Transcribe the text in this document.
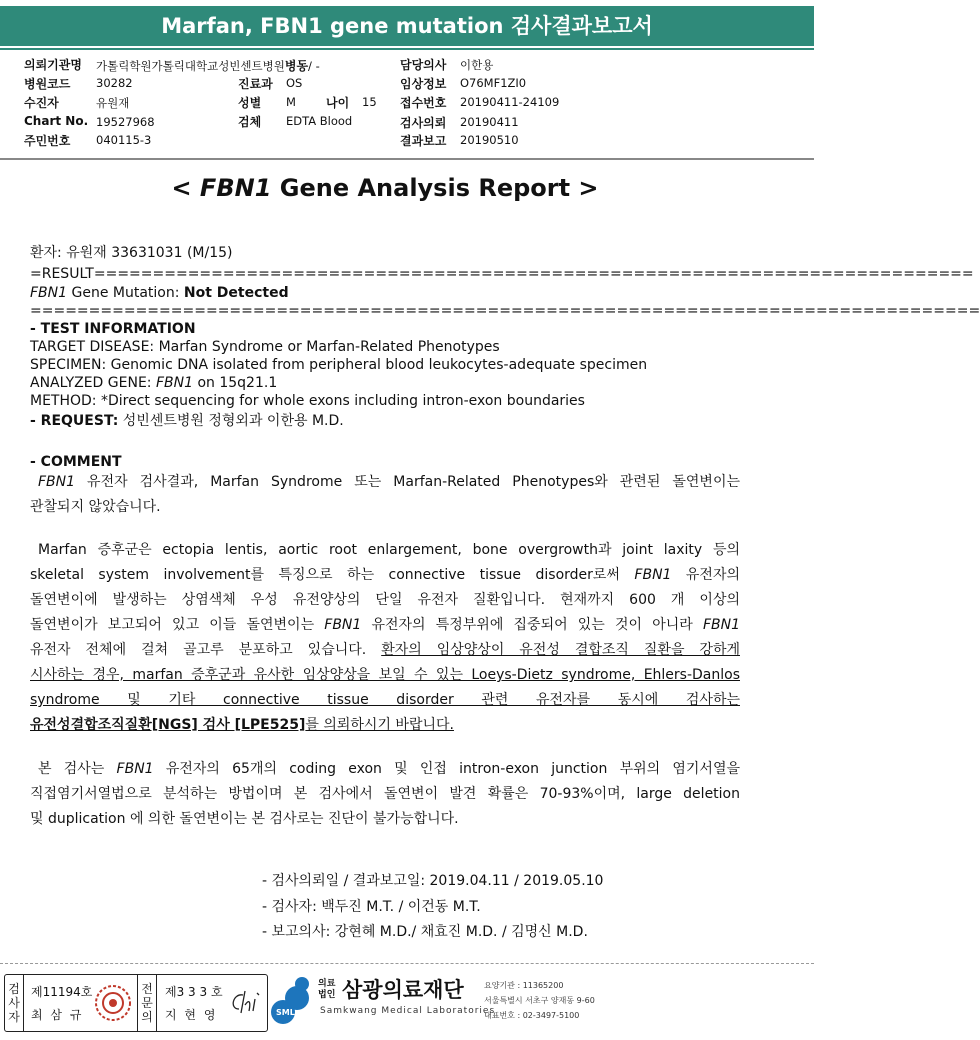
Marfan, FBN1 gene mutation 검사결과보고서
의뢰기관명 가톨릭학원가톨릭대학교성빈센트병원병동/ -
병원코드 30282
수진자	유원재
Chart No. 19527968
주민번호 040115-3
진료과 OS
성별 M	나이 15
검체 EDTA Blood
담당의사 이한용
임상정보 O76MF1ZI0
접수번호 20190411-24109
검사의뢰 20190411
결과보고 20190510
< FBN1 Gene Analysis Report >
환자: 유원재 33631031 (M/15)
=RESULT===========================================================================
FBN1 Gene Mutation: Not Detected
=================================================================================
- TEST INFORMATION
TARGET DISEASE: Marfan Syndrome or Marfan-Related Phenotypes
SPECIMEN: Genomic DNA isolated from peripheral blood leukocytes-adequate specimen
ANALYZED GENE: FBN1 on 15q21.1
METHOD: *Direct sequencing for whole exons including intron-exon boundaries
- REQUEST: 성빈센트병원 정형외과 이한용 M.D.
- COMMENT
FBN1 유전자 검사결과, Marfan Syndrome 또는 Marfan-Related Phenotypes와 관련된 돌연변이는
관찰되지 않았습니다.
Marfan 증후군은 ectopia lentis, aortic root enlargement, bone overgrowth과 joint laxity 등의
skeletal system involvement를 특징으로 하는 connective tissue disorder로써 FBN1 유전자의
돌연변이에 발생하는 상염색체 우성 유전양상의 단일 유전자 질환입니다. 현재까지 600 개 이상의
돌연변이가 보고되어 있고 이들 돌연변이는 FBN1 유전자의 특정부위에 집중되어 있는 것이 아니라 FBN1
유전자 전체에 걸쳐 골고루 분포하고 있습니다. 환자의 임상양상이 유전성 결합조직 질환을 강하게
시사하는 경우, marfan 증후군과 유사한 임상양상을 보일 수 있는 Loeys-Dietz syndrome, Ehlers-Danlos
syndrome 및 기타 connective tissue disorder 관련 유전자를 동시에 검사하는
유전성결합조직질환[NGS] 검사 [LPE525]를 의뢰하시기 바랍니다.
본 검사는 FBN1 유전자의 65개의 coding exon 및 인접 intron-exon junction 부위의 염기서열을
직접염기서열법으로 분석하는 방법이며 본 검사에서 돌연변이 발견 확률은 70-93%이며, large deletion
및 duplication 에 의한 돌연변이는 본 검사로는 진단이 불가능합니다.
- 검사의뢰일 / 결과보고일: 2019.04.11 / 2019.05.10
- 검사자: 백두진 M.T. / 이건동 M.T.
- 보고의사: 강현혜 M.D./ 채효진 M.D. / 김명신 M.D.
검
사
자
제11194호
최 삼 규
전
문
의
제3 3 3 호
지 현 영	SML
의료
법인 삼광의료재단
Samkwang Medical Laboratories
요양기관 : 11365200
서울특별시 서초구 양재동 9-60
대표번호 : 02-3497-5100
